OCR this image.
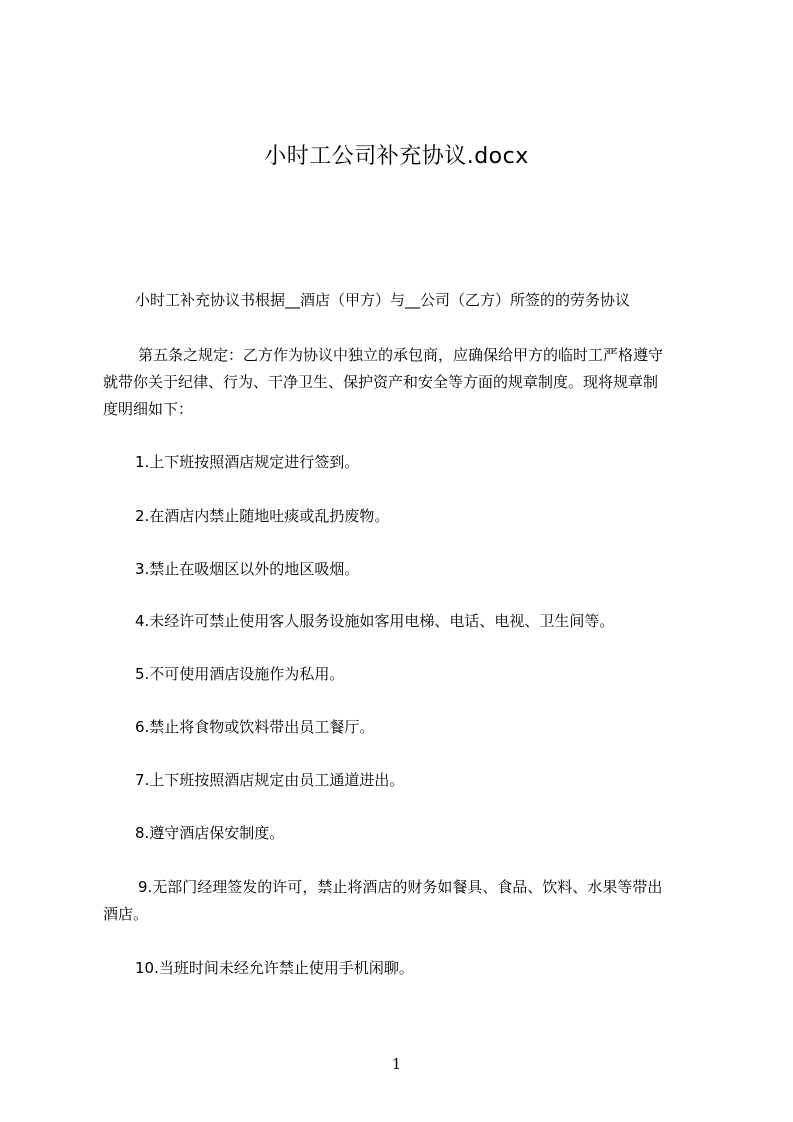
小时工公司补充协议.docx
小时工补充协议书根据__酒店（甲方）与__公司（乙方）所签的的劳务协议
第五条之规定：乙方作为协议中独立的承包商，应确保给甲方的临时工严格遵守
就带你关于纪律、行为、干净卫生、保护资产和安全等方面的规章制度。现将规章制
度明细如下：
1.上下班按照酒店规定进行签到。
2.在酒店内禁止随地吐痰或乱扔废物。
3.禁止在吸烟区以外的地区吸烟。
4.未经许可禁止使用客人服务设施如客用电梯、电话、电视、卫生间等。
5.不可使用酒店设施作为私用。
6.禁止将食物或饮料带出员工餐厅。
7.上下班按照酒店规定由员工通道进出。
8.遵守酒店保安制度。
9.无部门经理签发的许可，禁止将酒店的财务如餐具、食品、饮料、水果等带出
酒店。
10.当班时间未经允许禁止使用手机闲聊。
1
